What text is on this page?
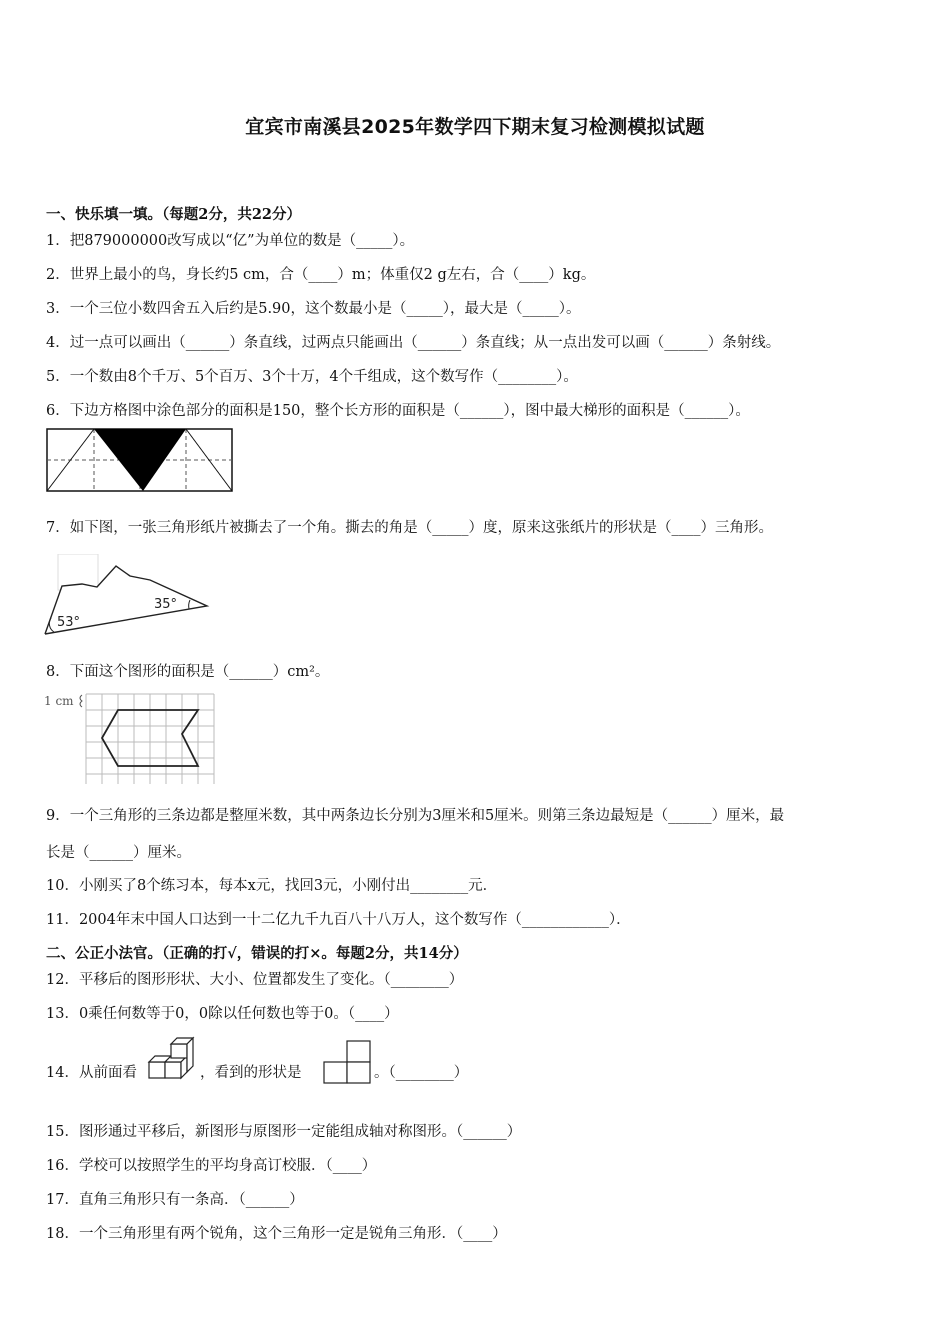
宜宾市南溪县2025年数学四下期末复习检测模拟试题
一、快乐填一填。（每题2分，共22分）
1．把879000000改写成以“亿”为单位的数是（_____）。
2．世界上最小的鸟，身长约5 cm，合（____）m；体重仅2 g左右，合（____）kg。
3．一个三位小数四舍五入后约是5.90，这个数最小是（_____），最大是（_____）。
4．过一点可以画出（______）条直线，过两点只能画出（______）条直线；从一点出发可以画（______）条射线。
5．一个数由8个千万、5个百万、3个十万，4个千组成，这个数写作（________）。
6．下边方格图中涂色部分的面积是150，整个长方形的面积是（______），图中最大梯形的面积是（______）。
7．如下图，一张三角形纸片被撕去了一个角。撕去的角是（_____）度，原来这张纸片的形状是（____）三角形。
53°
35°
8．下面这个图形的面积是（______）cm²。
1 cm
9．一个三角形的三条边都是整厘米数，其中两条边长分别为3厘米和5厘米。则第三条边最短是（______）厘米，最
长是（______）厘米。
10．小刚买了8个练习本，每本x元，找回3元，小刚付出________元．
11．2004年末中国人口达到一十二亿九千九百八十八万人，这个数写作（____________）．
二、公正小法官。（正确的打√，错误的打×。每题2分，共14分）
12．平移后的图形形状、大小、位置都发生了变化。（________）
13．0乘任何数等于0，0除以任何数也等于0。（____）
14．从前面看	，看到的形状是	。（________）
15．图形通过平移后，新图形与原图形一定能组成轴对称图形。（______）
16．学校可以按照学生的平均身高订校服．（____）
17．直角三角形只有一条高．（______）
18．一个三角形里有两个锐角，这个三角形一定是锐角三角形．（____）
